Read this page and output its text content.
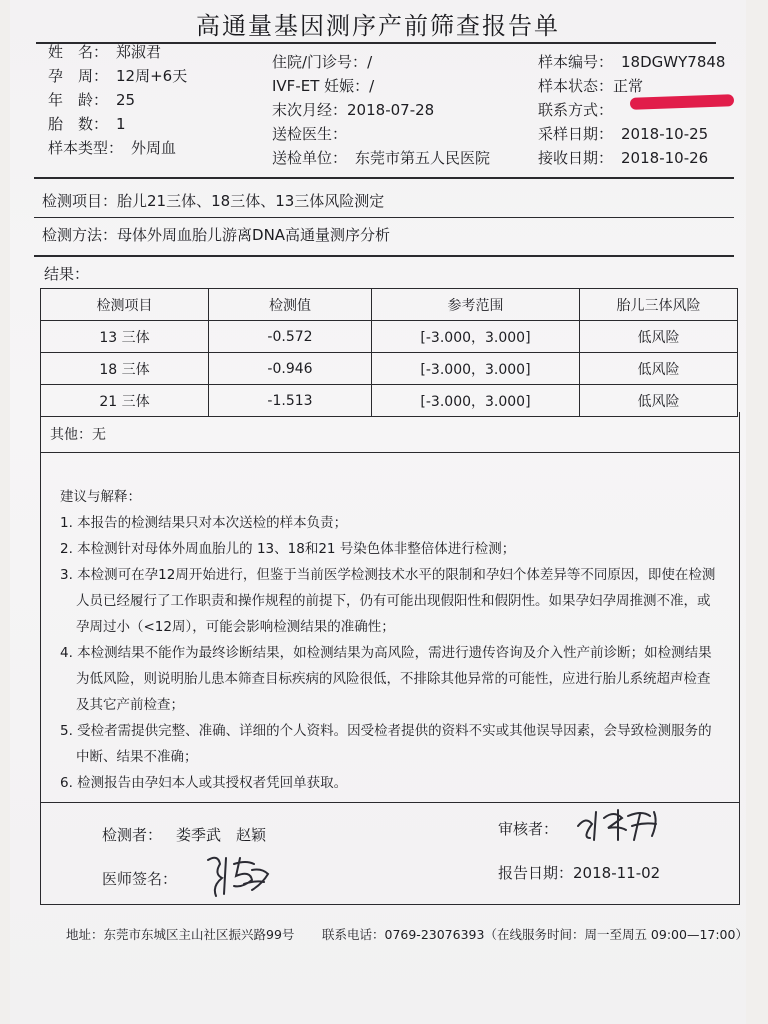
高通量基因测序产前筛查报告单
姓　名： 郑淑君
孕　周： 12周+6天
年　龄： 25
胎　数： 1
样本类型： 外周血
住院/门诊号：/
IVF-ET 妊娠：/
末次月经：2018-07-28
送检医生：
送检单位： 东莞市第五人民医院
样本编号： 18DGWY7848
样本状态：正常
联系方式：
采样日期： 2018-10-25
接收日期： 2018-10-26
检测项目：胎儿21三体、18三体、13三体风险测定
检测方法：母体外周血胎儿游离DNA高通量测序分析
结果：
检测项目	检测值	参考范围	胎儿三体风险
13 三体	-0.572	[-3.000，3.000]	低风险
18 三体	-0.946	[-3.000，3.000]	低风险
21 三体	-1.513	[-3.000，3.000]	低风险
其他：无

建议与解释：

1. 本报告的检测结果只对本次送检的样本负责；

2. 本检测针对母体外周血胎儿的 13、18和21 号染色体非整倍体进行检测；

3. 本检测可在孕12周开始进行，但鉴于当前医学检测技术水平的限制和孕妇个体差异等不同原因，即使在检测

人员已经履行了工作职责和操作规程的前提下，仍有可能出现假阳性和假阴性。如果孕妇孕周推测不准，或

孕周过小（<12周），可能会影响检测结果的准确性；

4. 本检测结果不能作为最终诊断结果，如检测结果为高风险，需进行遗传咨询及介入性产前诊断；如检测结果

为低风险，则说明胎儿患本筛查目标疾病的风险很低，不排除其他异常的可能性，应进行胎儿系统超声检查

及其它产前检查；

5. 受检者需提供完整、准确、详细的个人资料。因受检者提供的资料不实或其他误导因素，会导致检测服务的

中断、结果不准确；

6. 检测报告由孕妇本人或其授权者凭回单获取。

检测者： 娄季武　赵颖	审核者：
医师签名：	报告日期：2018-11-02
地址：东莞市东城区主山社区振兴路99号 联系电话：0769-23076393（在线服务时间：周一至周五 09:00—17:00）
